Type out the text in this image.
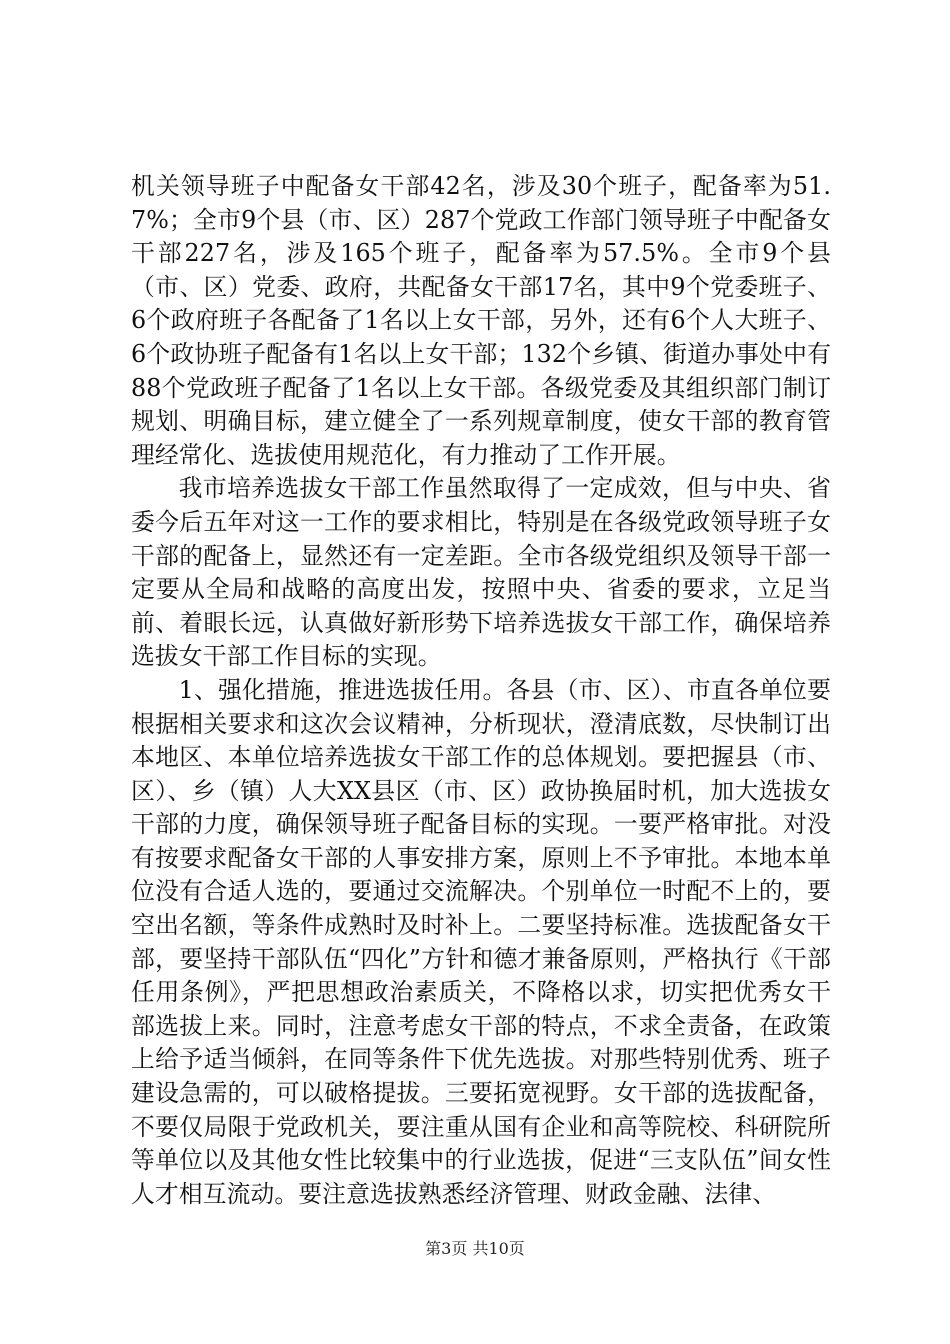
机关领导班子中配备女干部42名，涉及30个班子，配备率为51.7%；全市9个县（市、区）287个党政工作部门领导班子中配备女干部227名，涉及165个班子，配备率为57.5%。全市9个县（市、区）党委、政府，共配备女干部17名，其中9个党委班子、6个政府班子各配备了1名以上女干部，另外，还有6个人大班子、6个政协班子配备有1名以上女干部；132个乡镇、街道办事处中有88个党政班子配备了1名以上女干部。各级党委及其组织部门制订规划、明确目标，建立健全了一系列规章制度，使女干部的教育管理经常化、选拔使用规范化，有力推动了工作开展。

我市培养选拔女干部工作虽然取得了一定成效，但与中央、省委今后五年对这一工作的要求相比，特别是在各级党政领导班子女干部的配备上，显然还有一定差距。全市各级党组织及领导干部一定要从全局和战略的高度出发，按照中央、省委的要求，立足当前、着眼长远，认真做好新形势下培养选拔女干部工作，确保培养选拔女干部工作目标的实现。

1、强化措施，推进选拔任用。各县（市、区）、市直各单位要根据相关要求和这次会议精神，分析现状，澄清底数，尽快制订出本地区、本单位培养选拔女干部工作的总体规划。要把握县（市、区）、乡（镇）人大XX县区（市、区）政协换届时机，加大选拔女干部的力度，确保领导班子配备目标的实现。一要严格审批。对没有按要求配备女干部的人事安排方案，原则上不予审批。本地本单位没有合适人选的，要通过交流解决。个别单位一时配不上的，要空出名额，等条件成熟时及时补上。二要坚持标准。选拔配备女干部，要坚持干部队伍“四化”方针和德才兼备原则，严格执行《干部任用条例》，严把思想政治素质关，不降格以求，切实把优秀女干部选拔上来。同时，注意考虑女干部的特点，不求全责备，在政策上给予适当倾斜，在同等条件下优先选拔。对那些特别优秀、班子建设急需的，可以破格提拔。三要拓宽视野。女干部的选拔配备，不要仅局限于党政机关，要注重从国有企业和高等院校、科研院所等单位以及其他女性比较集中的行业选拔，促进“三支队伍”间女性人才相互流动。要注意选拔熟悉经济管理、财政金融、法律、

第3页 共10页
